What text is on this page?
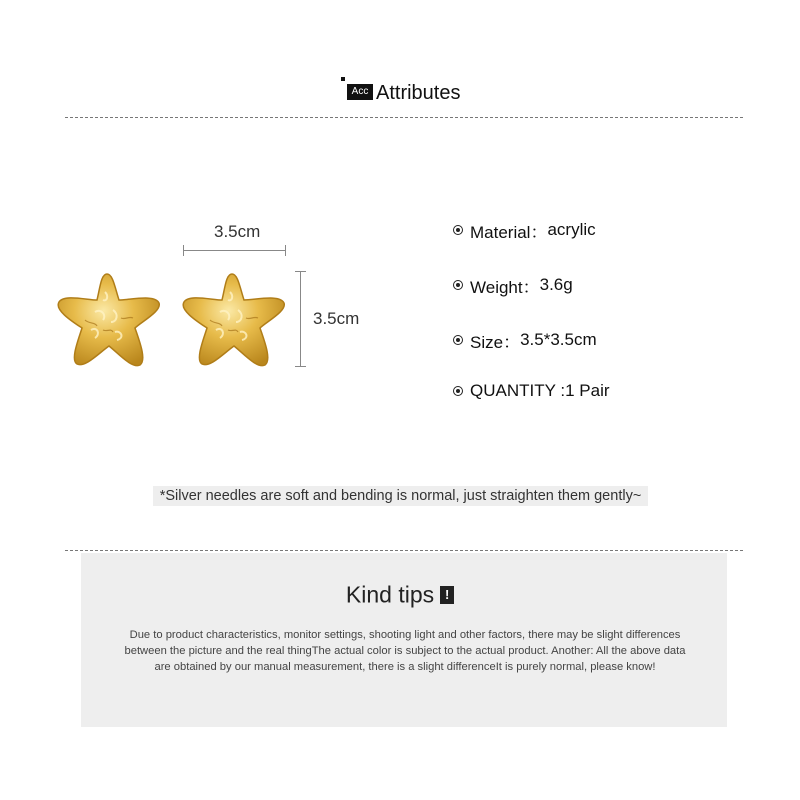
Acc Attributes
3.5cm
3.5cm
Material： acrylic
Weight： 3.6g
Size： 3.5*3.5cm
QUANTITY : 1 Pair
*Silver needles are soft and bending is normal, just straighten them gently~
Kind tips !
Due to product characteristics, monitor settings, shooting light and other factors, there may be slight differences between the picture and the real thingThe actual color is subject to the actual product. Another: All the above data are obtained by our manual measurement, there is a slight differenceIt is purely normal, please know!
